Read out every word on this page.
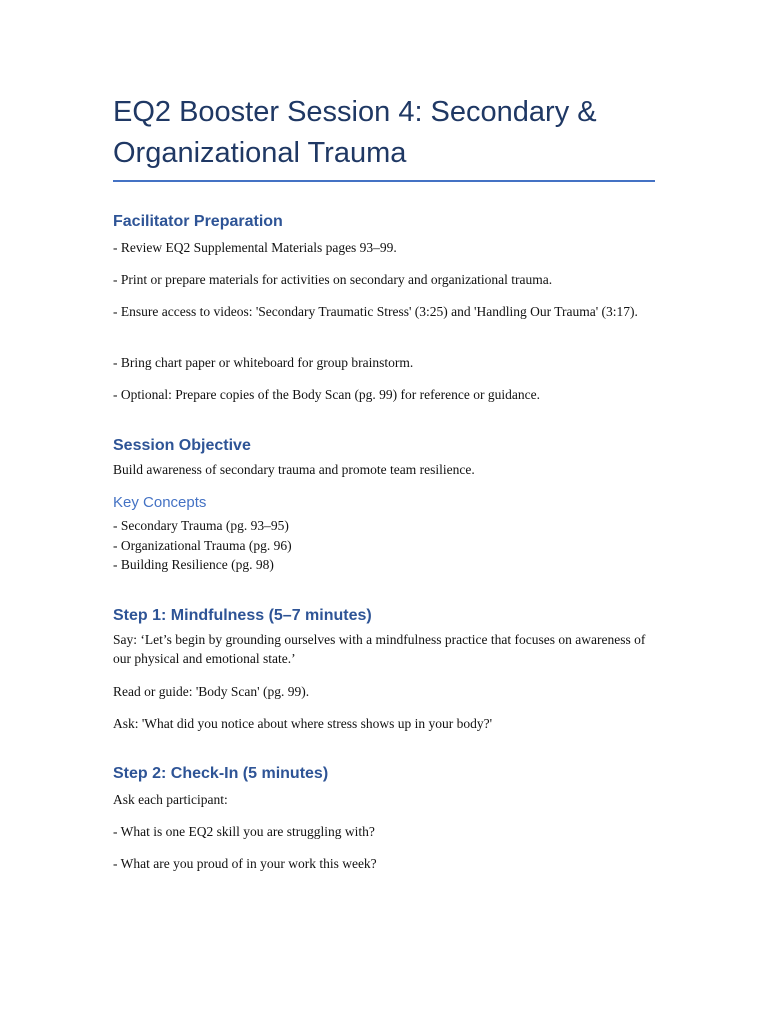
EQ2 Booster Session 4: Secondary & Organizational Trauma
Facilitator Preparation

- Review EQ2 Supplemental Materials pages 93–99.

- Print or prepare materials for activities on secondary and organizational trauma.

- Ensure access to videos: 'Secondary Traumatic Stress' (3:25) and 'Handling Our Trauma' (3:17).

- Bring chart paper or whiteboard for group brainstorm.

- Optional: Prepare copies of the Body Scan (pg. 99) for reference or guidance.

Session Objective

Build awareness of secondary trauma and promote team resilience.

Key Concepts

- Secondary Trauma (pg. 93–95)

- Organizational Trauma (pg. 96)

- Building Resilience (pg. 98)

Step 1: Mindfulness (5–7 minutes)

Say: ‘Let’s begin by grounding ourselves with a mindfulness practice that focuses on awareness of our physical and emotional state.’

Read or guide: 'Body Scan' (pg. 99).

Ask: 'What did you notice about where stress shows up in your body?'

Step 2: Check-In (5 minutes)

Ask each participant:

- What is one EQ2 skill you are struggling with?

- What are you proud of in your work this week?
